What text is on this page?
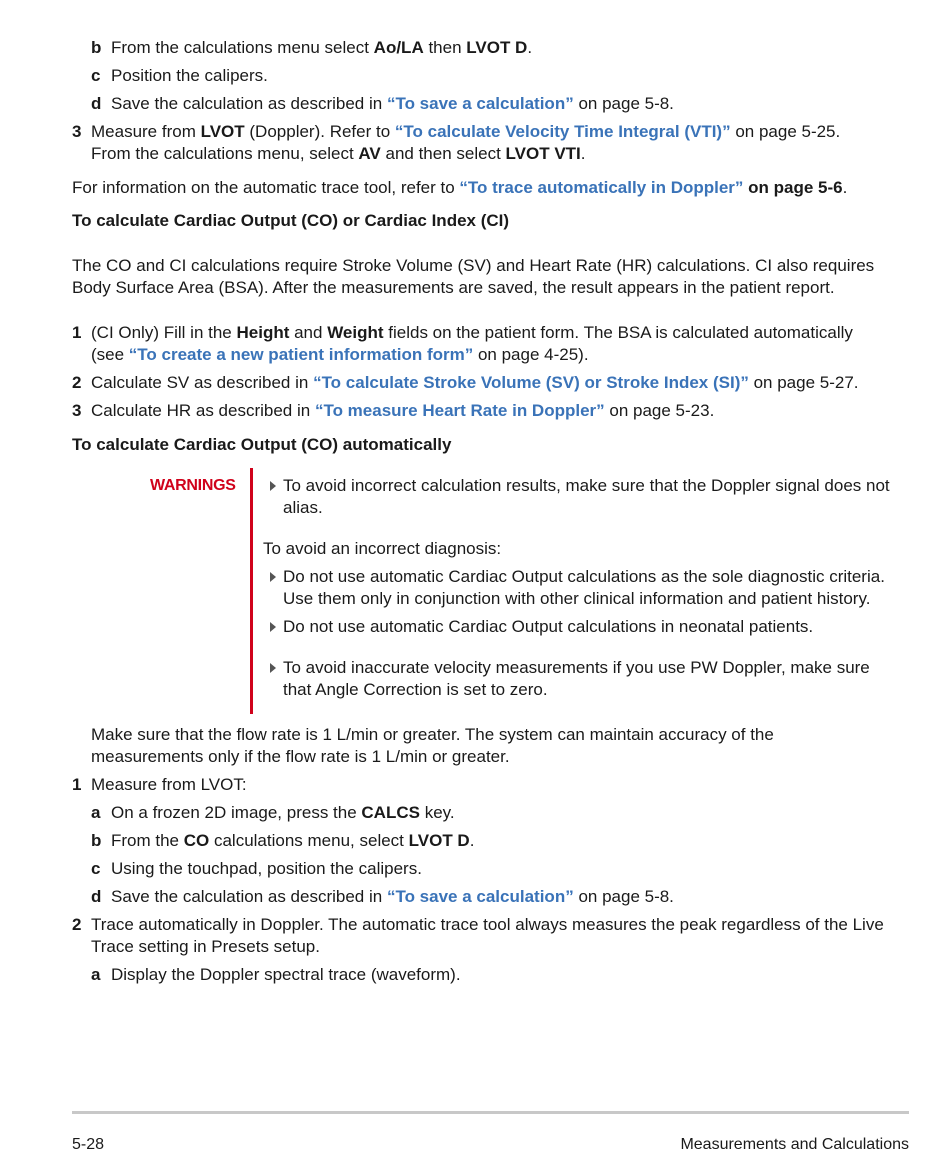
b From the calculations menu select Ao/LA then LVOT D.
c Position the calipers.
d Save the calculation as described in “To save a calculation” on page 5-8.
3 Measure from LVOT (Doppler). Refer to “To calculate Velocity Time Integral (VTI)” on page 5-25.
From the calculations menu, select AV and then select LVOT VTI.
For information on the automatic trace tool, refer to “To trace automatically in Doppler” on page 5-6.
To calculate Cardiac Output (CO) or Cardiac Index (CI)
The CO and CI calculations require Stroke Volume (SV) and Heart Rate (HR) calculations. CI also requires
Body Surface Area (BSA). After the measurements are saved, the result appears in the patient report.
1 (CI Only) Fill in the Height and Weight fields on the patient form. The BSA is calculated automatically
(see “To create a new patient information form” on page 4-25).
2 Calculate SV as described in “To calculate Stroke Volume (SV) or Stroke Index (SI)” on page 5-27.
3 Calculate HR as described in “To measure Heart Rate in Doppler” on page 5-23.
To calculate Cardiac Output (CO) automatically
WARNINGS	To avoid incorrect calculation results, make sure that the Doppler signal does not
alias.
To avoid an incorrect diagnosis:
Do not use automatic Cardiac Output calculations as the sole diagnostic criteria.
Use them only in conjunction with other clinical information and patient history.
Do not use automatic Cardiac Output calculations in neonatal patients.
To avoid inaccurate velocity measurements if you use PW Doppler, make sure
that Angle Correction is set to zero.
Make sure that the flow rate is 1 L/min or greater. The system can maintain accuracy of the
measurements only if the flow rate is 1 L/min or greater.
1 Measure from LVOT:
a On a frozen 2D image, press the CALCS key.
b From the CO calculations menu, select LVOT D.
c Using the touchpad, position the calipers.
d Save the calculation as described in “To save a calculation” on page 5-8.
2 Trace automatically in Doppler. The automatic trace tool always measures the peak regardless of the Live
Trace setting in Presets setup.
a Display the Doppler spectral trace (waveform).
5-28	Measurements and Calculations
